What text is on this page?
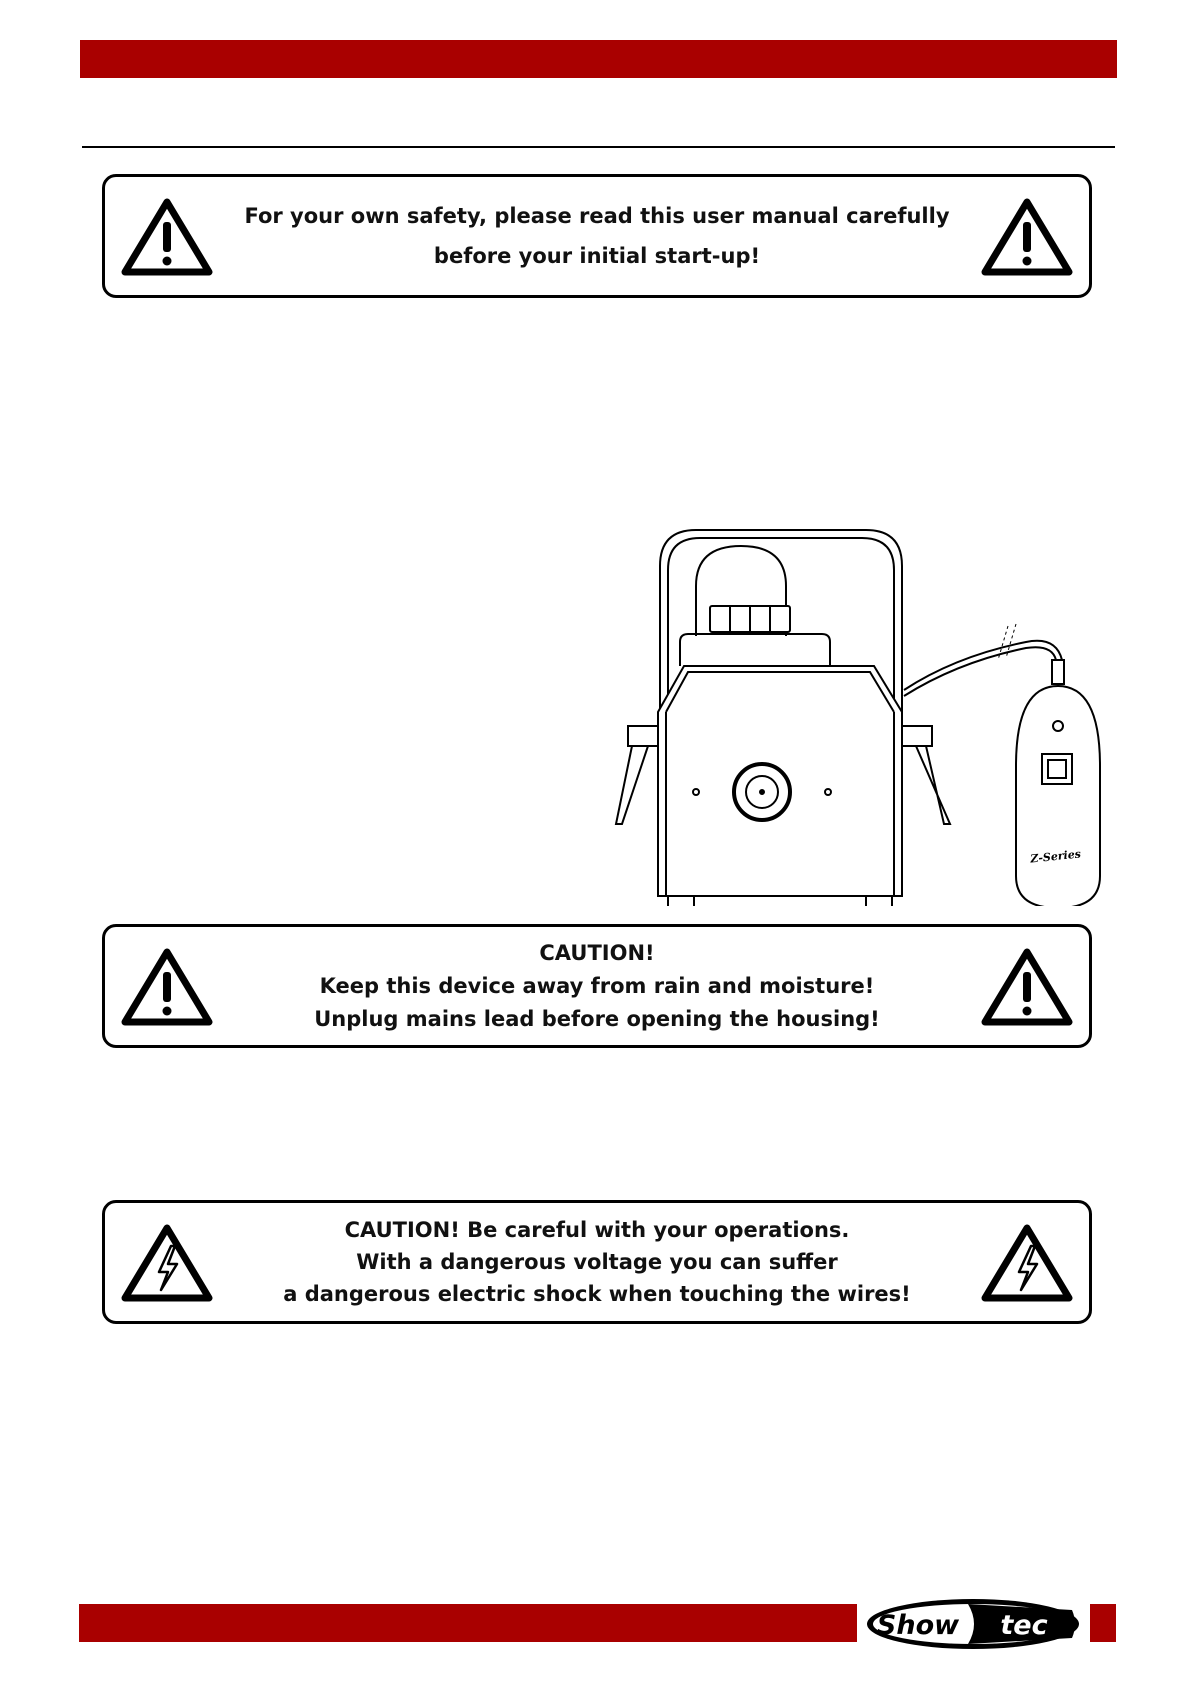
For your own safety, please read this user manual carefully
before your initial start-up!
Z-Series
CAUTION!
Keep this device away from rain and moisture!
Unplug mains lead before opening the housing!
CAUTION! Be careful with your operations.
With a dangerous voltage you can suffer
a dangerous electric shock when touching the wires!
Show tec
